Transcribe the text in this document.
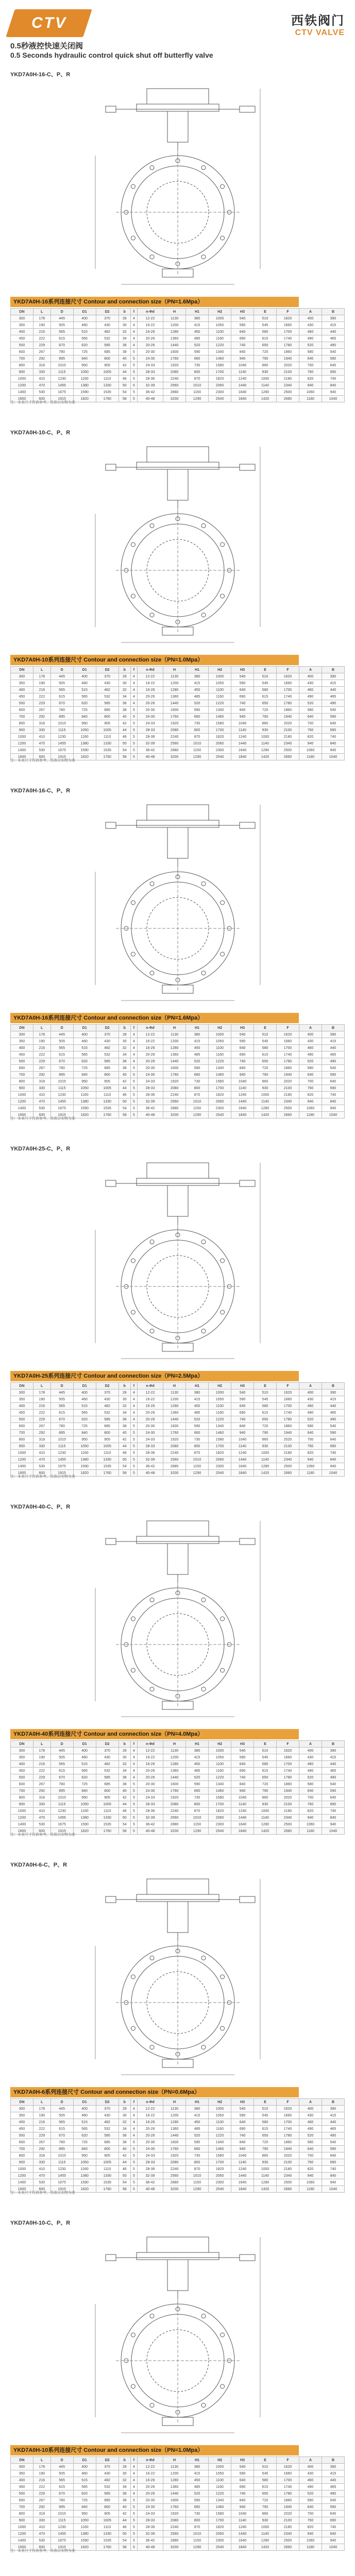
CTV	西铁阀门
CTV VALVE
0.5秒液控快速关闭阀
0.5 Seconds hydraulic control quick shut off butterfly valve
YKD7A0H-16-C、P、R
YKD7A0H-16系列连接尺寸 Contour and connection size（PN=1.6Mpa）
DN	L	D	D1	D2	b	f	n-Φd	H	H1	H2	H3	E	F	A	B
300	178	445	400	370	28	4	12-22	1130	380	1000	540	510	1620	400	390
350	190	505	460	430	30	4	16-22	1200	415	1050	590	545	1660	430	415
400	216	565	515	482	32	4	16-26	1280	450	1100	640	580	1700	460	440
450	222	615	565	532	34	4	20-26	1360	485	1160	690	615	1740	490	465
500	229	670	620	585	36	4	20-26	1440	520	1220	740	650	1780	520	490
600	267	780	725	685	38	5	20-30	1600	590	1340	840	720	1860	580	540
700	292	895	840	800	40	5	24-30	1760	660	1460	940	790	1940	640	590
800	318	1015	950	905	42	5	24-33	1920	730	1580	1040	860	2020	700	640
900	330	1115	1050	1005	44	5	28-33	2080	800	1700	1140	930	2100	760	690
1000	410	1230	1160	1110	46	5	28-36	2240	870	1820	1240	1000	2180	820	740
1200	470	1455	1380	1330	50	5	32-39	2560	1010	2060	1440	1140	2340	940	840
1400	530	1675	1590	1535	54	5	36-42	2880	1150	2300	1640	1280	2500	1060	940
1600	600	1915	1820	1760	58	5	40-48	3200	1290	2540	1840	1420	2660	1180	1040
注：本表尺寸仅供参考，具体以实物为准
YKD7A0H-10-C、P、R
YKD7A0H-10系列连接尺寸 Contour and connection size（PN=1.0Mpa）
DN	L	D	D1	D2	b	f	n-Φd	H	H1	H2	H3	E	F	A	B
300	178	445	400	370	28	4	12-22	1130	380	1000	540	510	1620	400	390
350	190	505	460	430	30	4	16-22	1200	415	1050	590	545	1660	430	415
400	216	565	515	482	32	4	16-26	1280	450	1100	640	580	1700	460	440
450	222	615	565	532	34	4	20-26	1360	485	1160	690	615	1740	490	465
500	229	670	620	585	36	4	20-26	1440	520	1220	740	650	1780	520	490
600	267	780	725	685	38	5	20-30	1600	590	1340	840	720	1860	580	540
700	292	895	840	800	40	5	24-30	1760	660	1460	940	790	1940	640	590
800	318	1015	950	905	42	5	24-33	1920	730	1580	1040	860	2020	700	640
900	330	1115	1050	1005	44	5	28-33	2080	800	1700	1140	930	2100	760	690
1000	410	1230	1160	1110	46	5	28-36	2240	870	1820	1240	1000	2180	820	740
1200	470	1455	1380	1330	50	5	32-39	2560	1010	2060	1440	1140	2340	940	840
1400	530	1675	1590	1535	54	5	36-42	2880	1150	2300	1640	1280	2500	1060	940
1600	600	1915	1820	1760	58	5	40-48	3200	1290	2540	1840	1420	2660	1180	1040
注：本表尺寸仅供参考，具体以实物为准
YKD7A0H-16-C、P、R
YKD7A0H-16系列连接尺寸 Contour and connection size（PN=1.6Mpa）
DN	L	D	D1	D2	b	f	n-Φd	H	H1	H2	H3	E	F	A	B
300	178	445	400	370	28	4	12-22	1130	380	1000	540	510	1620	400	390
350	190	505	460	430	30	4	16-22	1200	415	1050	590	545	1660	430	415
400	216	565	515	482	32	4	16-26	1280	450	1100	640	580	1700	460	440
450	222	615	565	532	34	4	20-26	1360	485	1160	690	615	1740	490	465
500	229	670	620	585	36	4	20-26	1440	520	1220	740	650	1780	520	490
600	267	780	725	685	38	5	20-30	1600	590	1340	840	720	1860	580	540
700	292	895	840	800	40	5	24-30	1760	660	1460	940	790	1940	640	590
800	318	1015	950	905	42	5	24-33	1920	730	1580	1040	860	2020	700	640
900	330	1115	1050	1005	44	5	28-33	2080	800	1700	1140	930	2100	760	690
1000	410	1230	1160	1110	46	5	28-36	2240	870	1820	1240	1000	2180	820	740
1200	470	1455	1380	1330	50	5	32-39	2560	1010	2060	1440	1140	2340	940	840
1400	530	1675	1590	1535	54	5	36-42	2880	1150	2300	1640	1280	2500	1060	940
1600	600	1915	1820	1760	58	5	40-48	3200	1290	2540	1840	1420	2660	1180	1040
注：本表尺寸仅供参考，具体以实物为准
YKD7A0H-25-C、P、R
YKD7A0H-25系列连接尺寸 Contour and connection size（PN=2.5Mpa）
DN	L	D	D1	D2	b	f	n-Φd	H	H1	H2	H3	E	F	A	B
300	178	445	400	370	28	4	12-22	1130	380	1000	540	510	1620	400	390
350	190	505	460	430	30	4	16-22	1200	415	1050	590	545	1660	430	415
400	216	565	515	482	32	4	16-26	1280	450	1100	640	580	1700	460	440
450	222	615	565	532	34	4	20-26	1360	485	1160	690	615	1740	490	465
500	229	670	620	585	36	4	20-26	1440	520	1220	740	650	1780	520	490
600	267	780	725	685	38	5	20-30	1600	590	1340	840	720	1860	580	540
700	292	895	840	800	40	5	24-30	1760	660	1460	940	790	1940	640	590
800	318	1015	950	905	42	5	24-33	1920	730	1580	1040	860	2020	700	640
900	330	1115	1050	1005	44	5	28-33	2080	800	1700	1140	930	2100	760	690
1000	410	1230	1160	1110	46	5	28-36	2240	870	1820	1240	1000	2180	820	740
1200	470	1455	1380	1330	50	5	32-39	2560	1010	2060	1440	1140	2340	940	840
1400	530	1675	1590	1535	54	5	36-42	2880	1150	2300	1640	1280	2500	1060	940
1600	600	1915	1820	1760	58	5	40-48	3200	1290	2540	1840	1420	2660	1180	1040
注：本表尺寸仅供参考，具体以实物为准
YKD7A0H-40-C、P、R
YKD7A0H-40系列连接尺寸 Contour and connection size（PN=4.0Mpa）
DN	L	D	D1	D2	b	f	n-Φd	H	H1	H2	H3	E	F	A	B
300	178	445	400	370	28	4	12-22	1130	380	1000	540	510	1620	400	390
350	190	505	460	430	30	4	16-22	1200	415	1050	590	545	1660	430	415
400	216	565	515	482	32	4	16-26	1280	450	1100	640	580	1700	460	440
450	222	615	565	532	34	4	20-26	1360	485	1160	690	615	1740	490	465
500	229	670	620	585	36	4	20-26	1440	520	1220	740	650	1780	520	490
600	267	780	725	685	38	5	20-30	1600	590	1340	840	720	1860	580	540
700	292	895	840	800	40	5	24-30	1760	660	1460	940	790	1940	640	590
800	318	1015	950	905	42	5	24-33	1920	730	1580	1040	860	2020	700	640
900	330	1115	1050	1005	44	5	28-33	2080	800	1700	1140	930	2100	760	690
1000	410	1230	1160	1110	46	5	28-36	2240	870	1820	1240	1000	2180	820	740
1200	470	1455	1380	1330	50	5	32-39	2560	1010	2060	1440	1140	2340	940	840
1400	530	1675	1590	1535	54	5	36-42	2880	1150	2300	1640	1280	2500	1060	940
1600	600	1915	1820	1760	58	5	40-48	3200	1290	2540	1840	1420	2660	1180	1040
注：本表尺寸仅供参考，具体以实物为准
YKD7A0H-6-C、P、R
YKD7A0H-6系列连接尺寸 Contour and connection size（PN=0.6Mpa）
DN	L	D	D1	D2	b	f	n-Φd	H	H1	H2	H3	E	F	A	B
300	178	445	400	370	28	4	12-22	1130	380	1000	540	510	1620	400	390
350	190	505	460	430	30	4	16-22	1200	415	1050	590	545	1660	430	415
400	216	565	515	482	32	4	16-26	1280	450	1100	640	580	1700	460	440
450	222	615	565	532	34	4	20-26	1360	485	1160	690	615	1740	490	465
500	229	670	620	585	36	4	20-26	1440	520	1220	740	650	1780	520	490
600	267	780	725	685	38	5	20-30	1600	590	1340	840	720	1860	580	540
700	292	895	840	800	40	5	24-30	1760	660	1460	940	790	1940	640	590
800	318	1015	950	905	42	5	24-33	1920	730	1580	1040	860	2020	700	640
900	330	1115	1050	1005	44	5	28-33	2080	800	1700	1140	930	2100	760	690
1000	410	1230	1160	1110	46	5	28-36	2240	870	1820	1240	1000	2180	820	740
1200	470	1455	1380	1330	50	5	32-39	2560	1010	2060	1440	1140	2340	940	840
1400	530	1675	1590	1535	54	5	36-42	2880	1150	2300	1640	1280	2500	1060	940
1600	600	1915	1820	1760	58	5	40-48	3200	1290	2540	1840	1420	2660	1180	1040
注：本表尺寸仅供参考，具体以实物为准
YKD7A0H-10-C、P、R
YKD7A0H-10系列连接尺寸 Contour and connection size（PN=1.0Mpa）
DN	L	D	D1	D2	b	f	n-Φd	H	H1	H2	H3	E	F	A	B
300	178	445	400	370	28	4	12-22	1130	380	1000	540	510	1620	400	390
350	190	505	460	430	30	4	16-22	1200	415	1050	590	545	1660	430	415
400	216	565	515	482	32	4	16-26	1280	450	1100	640	580	1700	460	440
450	222	615	565	532	34	4	20-26	1360	485	1160	690	615	1740	490	465
500	229	670	620	585	36	4	20-26	1440	520	1220	740	650	1780	520	490
600	267	780	725	685	38	5	20-30	1600	590	1340	840	720	1860	580	540
700	292	895	840	800	40	5	24-30	1760	660	1460	940	790	1940	640	590
800	318	1015	950	905	42	5	24-33	1920	730	1580	1040	860	2020	700	640
900	330	1115	1050	1005	44	5	28-33	2080	800	1700	1140	930	2100	760	690
1000	410	1230	1160	1110	46	5	28-36	2240	870	1820	1240	1000	2180	820	740
1200	470	1455	1380	1330	50	5	32-39	2560	1010	2060	1440	1140	2340	940	840
1400	530	1675	1590	1535	54	5	36-42	2880	1150	2300	1640	1280	2500	1060	940
1600	600	1915	1820	1760	58	5	40-48	3200	1290	2540	1840	1420	2660	1180	1040
注：本表尺寸仅供参考，具体以实物为准
